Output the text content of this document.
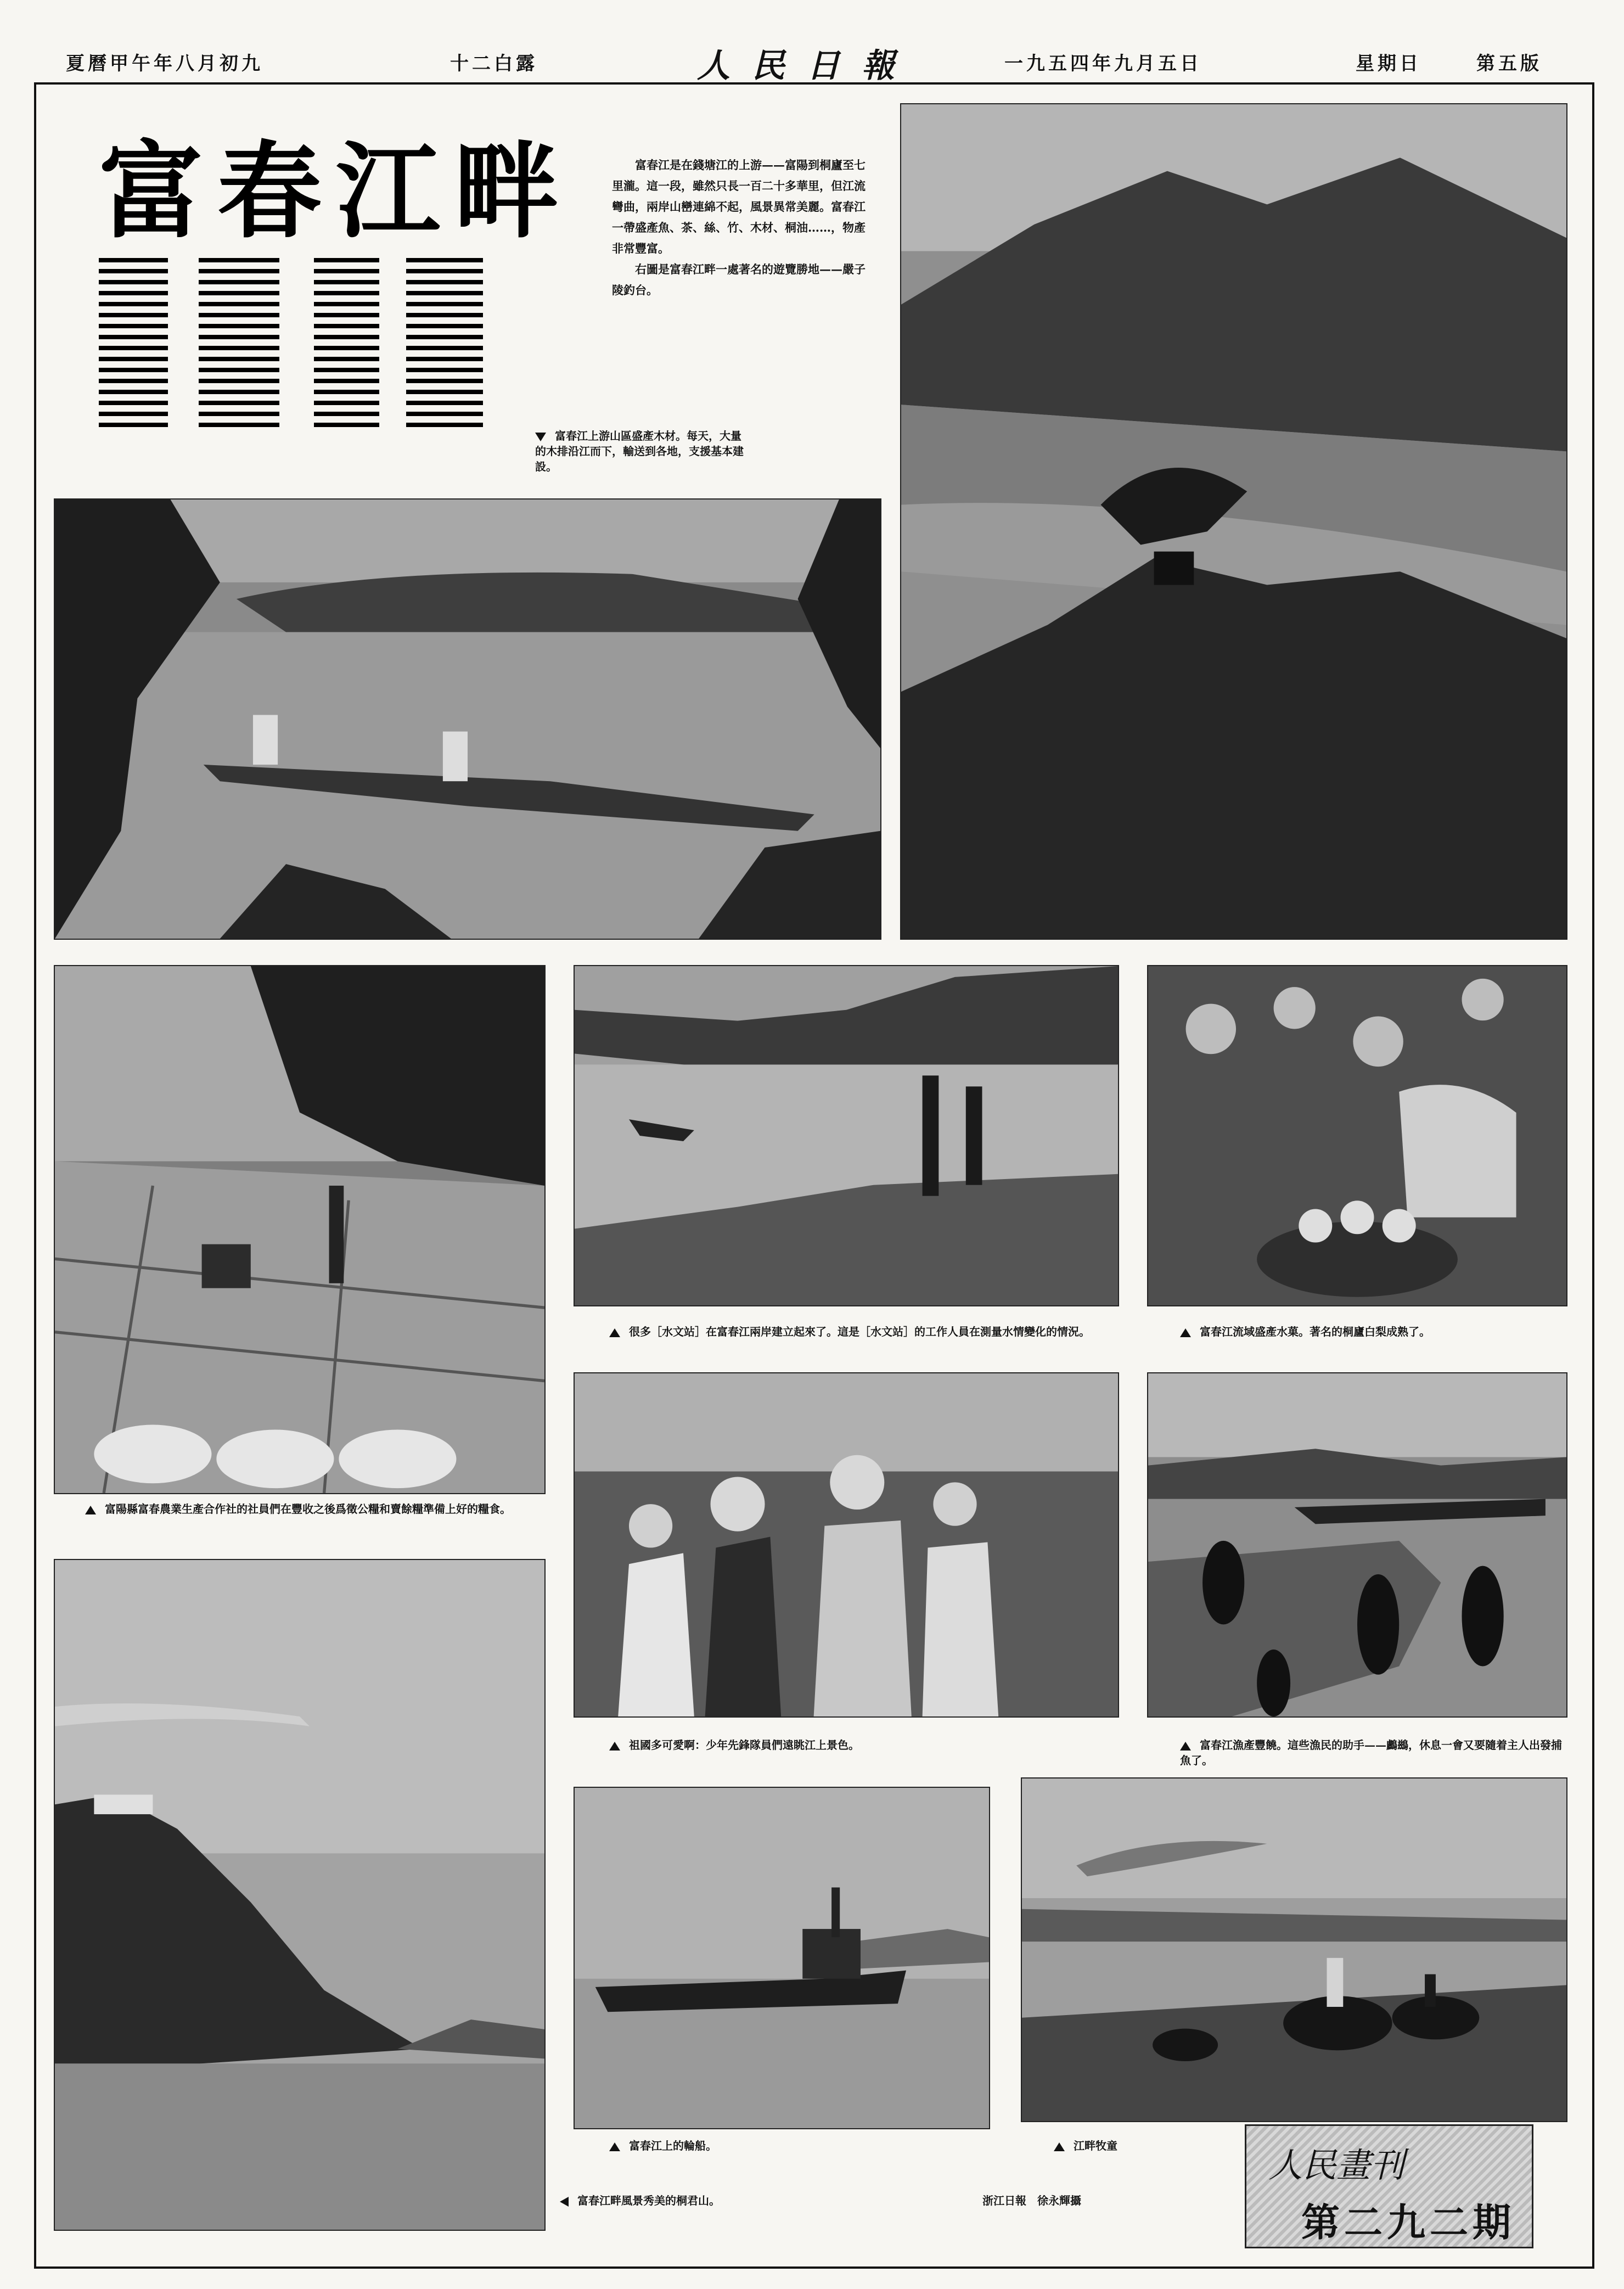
夏曆甲午年八月初九	十二白露	人民日報	一九五四年九月五日	星期日	第五版
富春江畔	富春江是在錢塘江的上游——富陽到桐廬至七里瀧。這一段，雖然只長一百二十多華里，但江流彎曲，兩岸山巒連綿不起，風景異常美麗。富春江一帶盛產魚、茶、絲、竹、木材、桐油……，物產非常豐富。

右圖是富春江畔一處著名的遊覽勝地——嚴子陵釣台。

富春江上游山區盛產木材。每天，大量的木排沿江而下，輸送到各地，支援基本建設。
富陽縣富春農業生產合作社的社員們在豐收之後爲徵公糧和賣餘糧準備上好的糧食。
很多［水文站］在富春江兩岸建立起來了。這是［水文站］的工作人員在測量水情變化的情況。	富春江流域盛產水菓。著名的桐廬白梨成熟了。
祖國多可愛啊：少年先鋒隊員們遠眺江上景色。	富春江漁產豐饒。這些漁民的助手——鸕鷀，休息一會又要隨着主人出發捕魚了。
富春江畔風景秀美的桐君山。
富春江上的輪船。	江畔牧童
浙江日報　徐永輝攝
人民畫刊
第二九二期
